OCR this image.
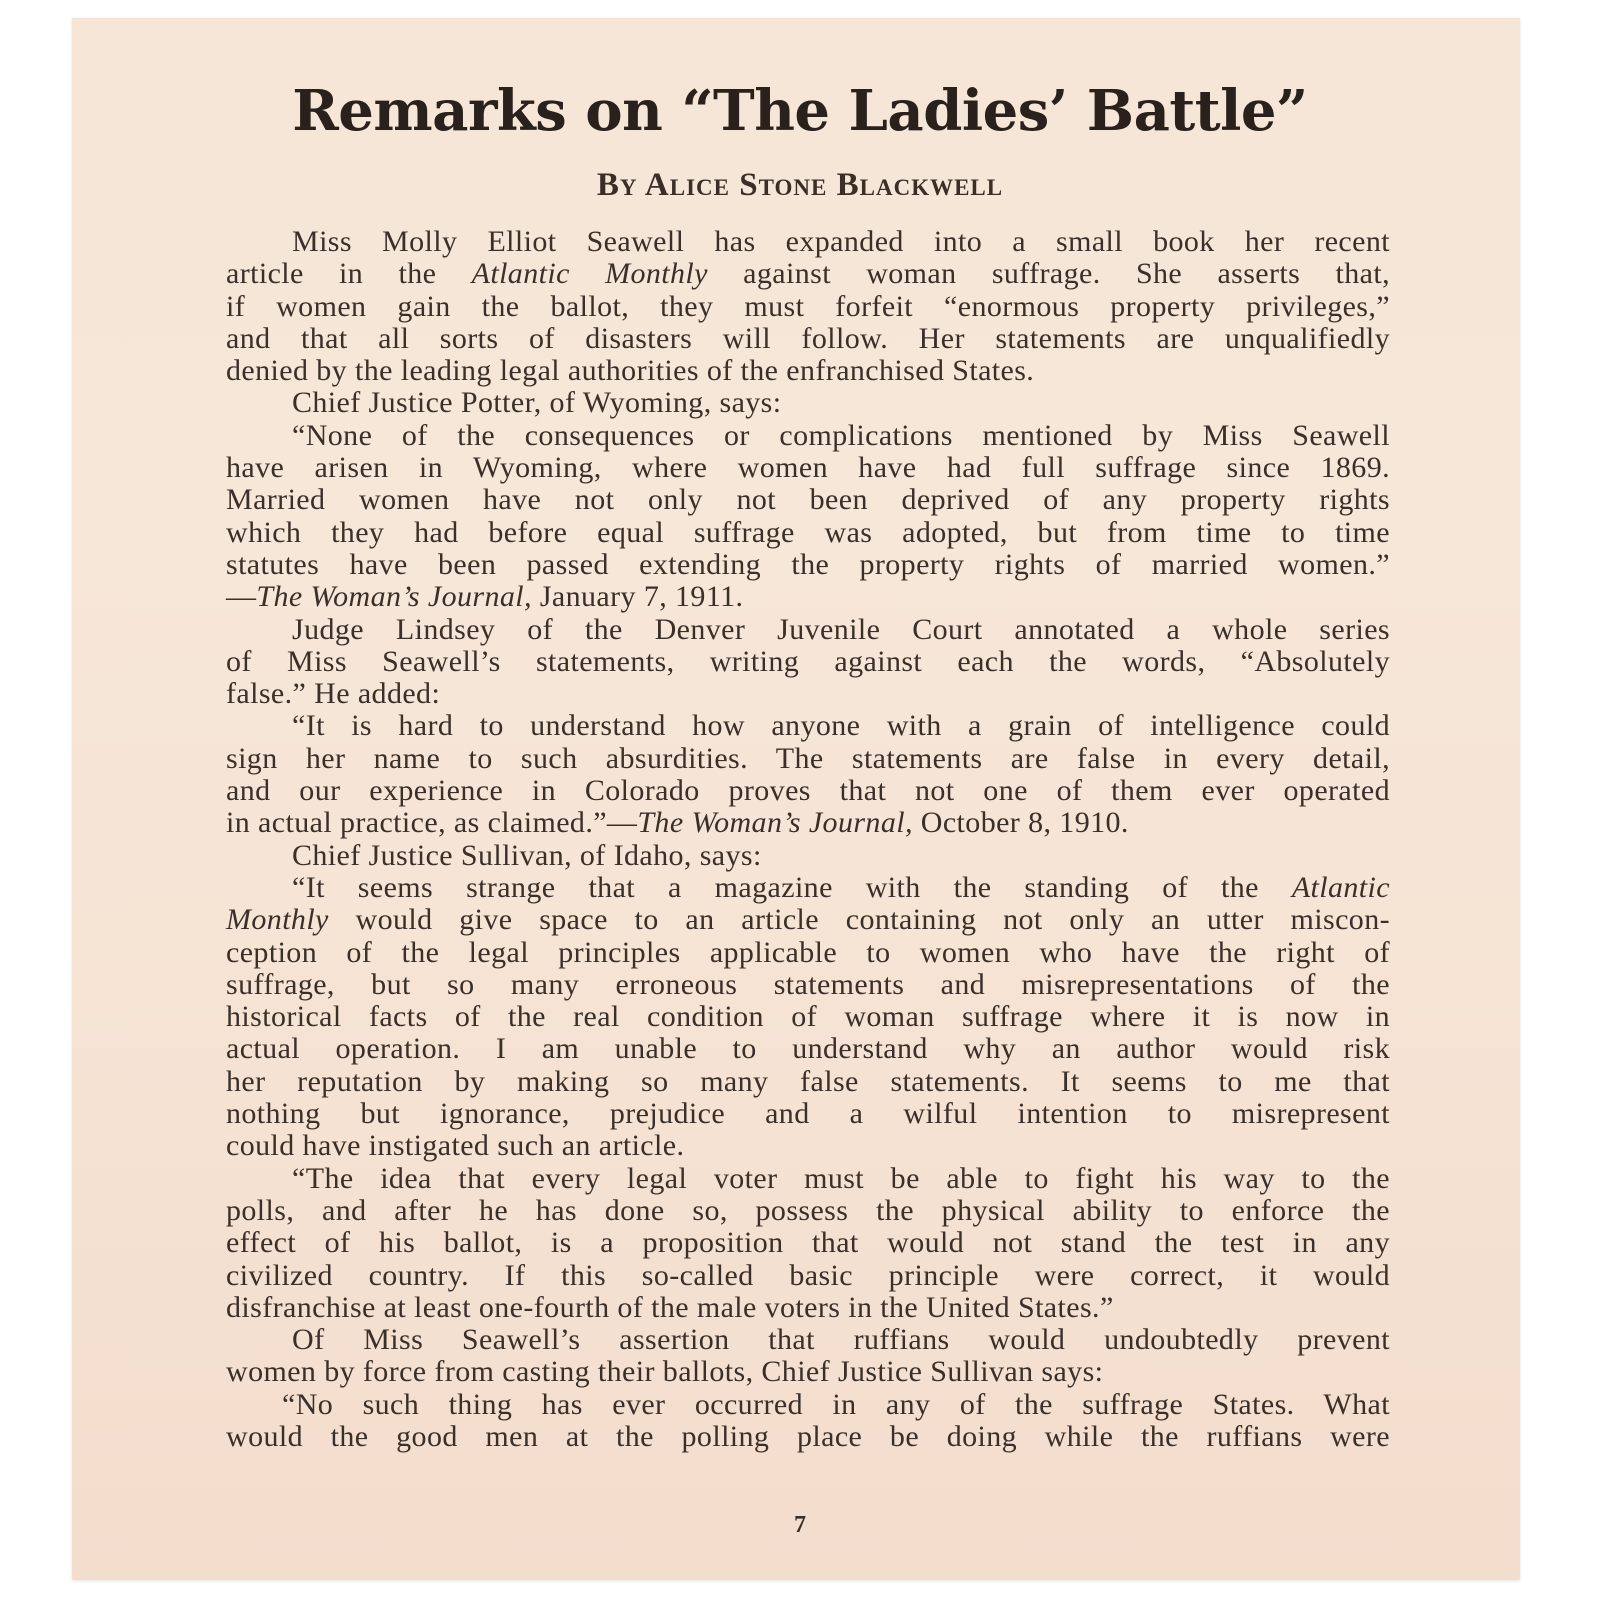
Remarks on “The Ladies’ Battle”
By Alice Stone Blackwell
Miss Molly Elliot Seawell has expanded into a small book her recent
article in the Atlantic Monthly against woman suffrage. She asserts that,
if women gain the ballot, they must forfeit “enormous property privileges,”
and that all sorts of disasters will follow. Her statements are unqualifiedly
denied by the leading legal authorities of the enfranchised States.
Chief Justice Potter, of Wyoming, says:
“None of the consequences or complications mentioned by Miss Seawell
have arisen in Wyoming, where women have had full suffrage since 1869.
Married women have not only not been deprived of any property rights
which they had before equal suffrage was adopted, but from time to time
statutes have been passed extending the property rights of married women.”
—The Woman’s Journal, January 7, 1911.
Judge Lindsey of the Denver Juvenile Court annotated a whole series
of Miss Seawell’s statements, writing against each the words, “Absolutely
false.” He added:
“It is hard to understand how anyone with a grain of intelligence could
sign her name to such absurdities. The statements are false in every detail,
and our experience in Colorado proves that not one of them ever operated
in actual practice, as claimed.”—The Woman’s Journal, October 8, 1910.
Chief Justice Sullivan, of Idaho, says:
“It seems strange that a magazine with the standing of the Atlantic
Monthly would give space to an article containing not only an utter miscon-
ception of the legal principles applicable to women who have the right of
suffrage, but so many erroneous statements and misrepresentations of the
historical facts of the real condition of woman suffrage where it is now in
actual operation. I am unable to understand why an author would risk
her reputation by making so many false statements. It seems to me that
nothing but ignorance, prejudice and a wilful intention to misrepresent
could have instigated such an article.
“The idea that every legal voter must be able to fight his way to the
polls, and after he has done so, possess the physical ability to enforce the
effect of his ballot, is a proposition that would not stand the test in any
civilized country. If this so-called basic principle were correct, it would
disfranchise at least one-fourth of the male voters in the United States.”
Of Miss Seawell’s assertion that ruffians would undoubtedly prevent
women by force from casting their ballots, Chief Justice Sullivan says:
“No such thing has ever occurred in any of the suffrage States. What
would the good men at the polling place be doing while the ruffians were
7
